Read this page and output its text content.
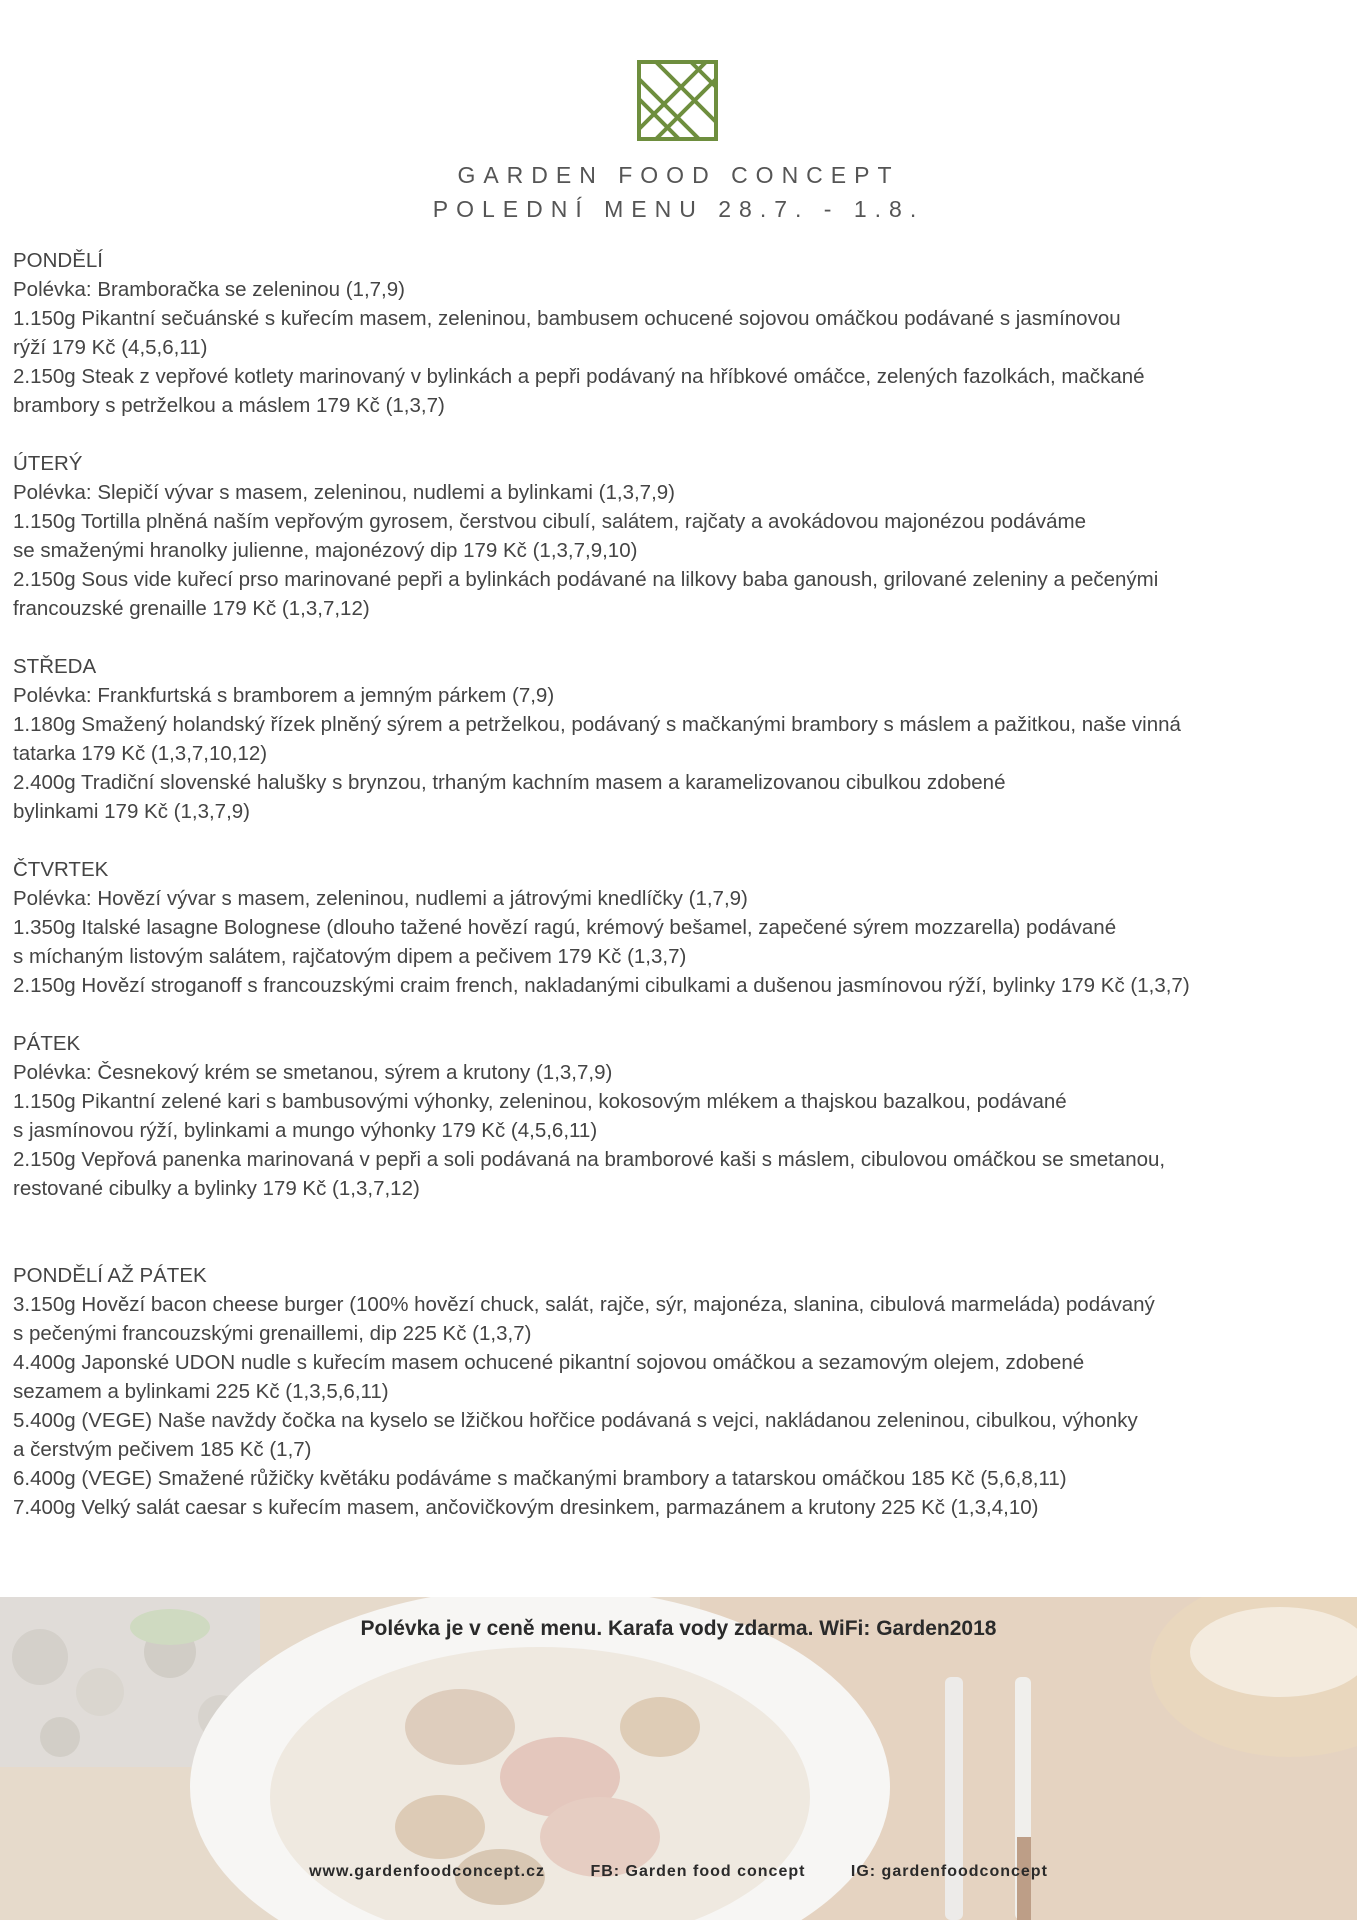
GARDEN FOOD CONCEPT
POLEDNÍ MENU 28.7. - 1.8.
PONDĚLÍ
Polévka: Bramboračka se zeleninou (1,7,9)
1.150g Pikantní sečuánské s kuřecím masem, zeleninou, bambusem ochucené sojovou omáčkou podávané s jasmínovou
rýží 179 Kč (4,5,6,11)
2.150g Steak z vepřové kotlety marinovaný v bylinkách a pepři podávaný na hříbkové omáčce, zelených fazolkách, mačkané
brambory s petrželkou a máslem 179 Kč (1,3,7)
ÚTERÝ
Polévka: Slepičí vývar s masem, zeleninou, nudlemi a bylinkami (1,3,7,9)
1.150g Tortilla plněná naším vepřovým gyrosem, čerstvou cibulí, salátem, rajčaty a avokádovou majonézou podáváme
se smaženými hranolky julienne, majonézový dip 179 Kč (1,3,7,9,10)
2.150g Sous vide kuřecí prso marinované pepři a bylinkách podávané na lilkovy baba ganoush, grilované zeleniny a pečenými
francouzské grenaille 179 Kč (1,3,7,12)
STŘEDA
Polévka: Frankfurtská s bramborem a jemným párkem (7,9)
1.180g Smažený holandský řízek plněný sýrem a petrželkou, podávaný s mačkanými brambory s máslem a pažitkou, naše vinná
tatarka 179 Kč (1,3,7,10,12)
2.400g Tradiční slovenské halušky s brynzou, trhaným kachním masem a karamelizovanou cibulkou zdobené
bylinkami 179 Kč (1,3,7,9)
ČTVRTEK
Polévka: Hovězí vývar s masem, zeleninou, nudlemi a játrovými knedlíčky (1,7,9)
1.350g Italské lasagne Bolognese (dlouho tažené hovězí ragú, krémový bešamel, zapečené sýrem mozzarella) podávané
s míchaným listovým salátem, rajčatovým dipem a pečivem 179 Kč (1,3,7)
2.150g Hovězí stroganoff s francouzskými craim french, nakladanými cibulkami a dušenou jasmínovou rýží, bylinky 179 Kč (1,3,7)
PÁTEK
Polévka: Česnekový krém se smetanou, sýrem a krutony (1,3,7,9)
1.150g Pikantní zelené kari s bambusovými výhonky, zeleninou, kokosovým mlékem a thajskou bazalkou, podávané
s jasmínovou rýží, bylinkami a mungo výhonky 179 Kč (4,5,6,11)
2.150g Vepřová panenka marinovaná v pepři a soli podávaná na bramborové kaši s máslem, cibulovou omáčkou se smetanou,
restované cibulky a bylinky 179 Kč (1,3,7,12)
PONDĚLÍ AŽ PÁTEK
3.150g Hovězí bacon cheese burger (100% hovězí chuck, salát, rajče, sýr, majonéza, slanina, cibulová marmeláda) podávaný
s pečenými francouzskými grenaillemi, dip 225 Kč (1,3,7)
4.400g Japonské UDON nudle s kuřecím masem ochucené pikantní sojovou omáčkou a sezamovým olejem, zdobené
sezamem a bylinkami 225 Kč (1,3,5,6,11)
5.400g (VEGE) Naše navždy čočka na kyselo se lžičkou hořčice podávaná s vejci, nakládanou zeleninou, cibulkou, výhonky
a čerstvým pečivem 185 Kč (1,7)
6.400g (VEGE) Smažené růžičky květáku podáváme s mačkanými brambory a tatarskou omáčkou 185 Kč (5,6,8,11)
7.400g Velký salát caesar s kuřecím masem, ančovičkovým dresinkem, parmazánem a krutony 225 Kč (1,3,4,10)
Polévka je v ceně menu. Karafa vody zdarma. WiFi: Garden2018
www.gardenfoodconcept.cz	FB: Garden food concept	IG: gardenfoodconcept
